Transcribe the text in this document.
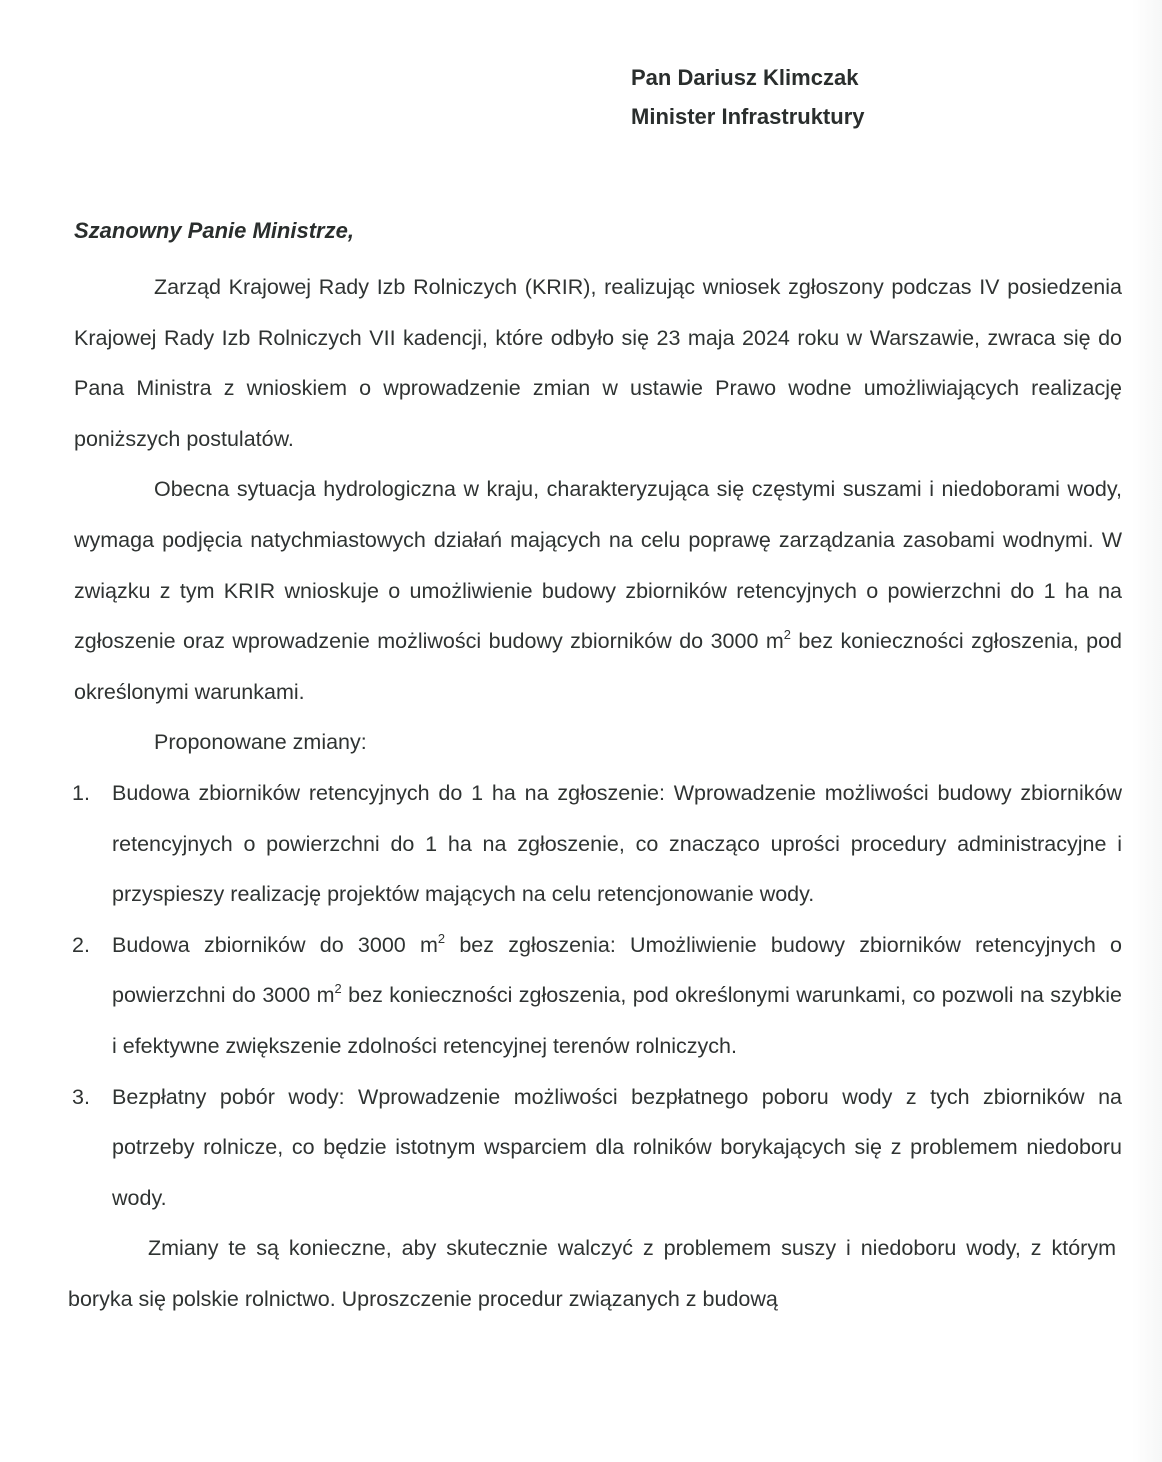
Pan Dariusz Klimczak
Minister Infrastruktury
Szanowny Panie Ministrze,

Zarząd Krajowej Rady Izb Rolniczych (KRIR), realizując wniosek zgłoszony podczas IV posiedzenia Krajowej Rady Izb Rolniczych VII kadencji, które odbyło się 23 maja 2024 roku w Warszawie, zwraca się do Pana Ministra z wnioskiem o wprowadzenie zmian w ustawie Prawo wodne umożliwiających realizację poniższych postulatów.

Obecna sytuacja hydrologiczna w kraju, charakteryzująca się częstymi suszami i niedoborami wody, wymaga podjęcia natychmiastowych działań mających na celu poprawę zarządzania zasobami wodnymi. W związku z tym KRIR wnioskuje o umożliwienie budowy zbiorników retencyjnych o powierzchni do 1 ha na zgłoszenie oraz wprowadzenie możliwości budowy zbiorników do 3000 $m^2$ bez konieczności zgłoszenia, pod określonymi warunkami.

Proponowane zmiany:

1. Budowa zbiorników retencyjnych do 1 ha na zgłoszenie: Wprowadzenie możliwości budowy zbiorników retencyjnych o powierzchni do 1 ha na zgłoszenie, co znacząco uprości procedury administracyjne i przyspieszy realizację projektów mających na celu retencjonowanie wody.
2. Budowa zbiorników do 3000 $m^2$ bez zgłoszenia: Umożliwienie budowy zbiorników retencyjnych o powierzchni do 3000 $m^2$ bez konieczności zgłoszenia, pod określonymi warunkami, co pozwoli na szybkie i efektywne zwiększenie zdolności retencyjnej terenów rolniczych.
3. Bezpłatny pobór wody: Wprowadzenie możliwości bezpłatnego poboru wody z tych zbiorników na potrzeby rolnicze, co będzie istotnym wsparciem dla rolników borykających się z problemem niedoboru wody.

Zmiany te są konieczne, aby skutecznie walczyć z problemem suszy i niedoboru wody, z którym boryka się polskie rolnictwo. Uproszczenie procedur związanych z budową
